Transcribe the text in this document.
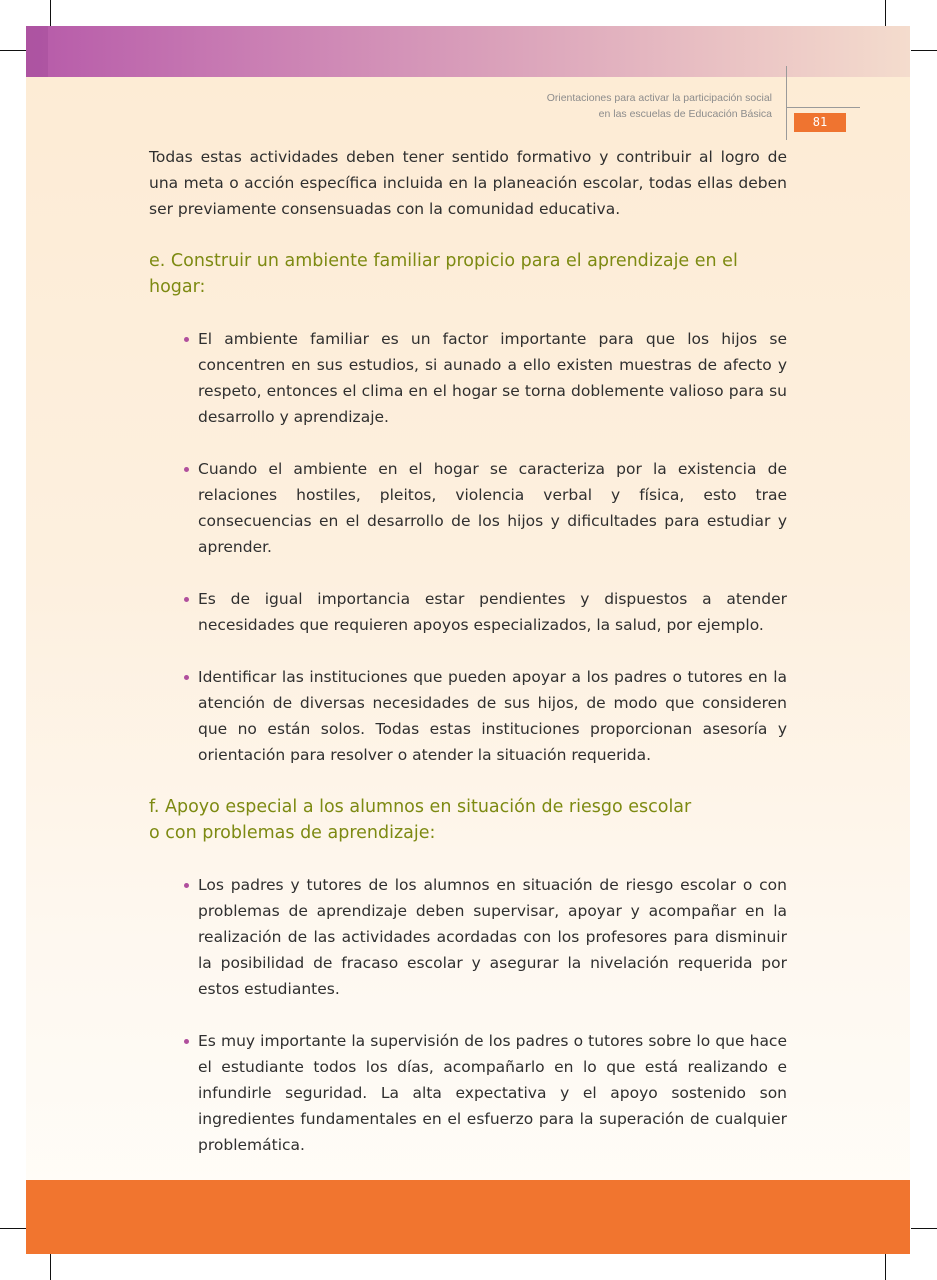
Orientaciones para activar la participación social
en las escuelas de Educación Básica
81

Todas estas actividades deben tener sentido formativo y contribuir al logro de una meta o acción específica incluida en la planeación escolar, todas ellas deben ser previamente consensuadas con la comunidad educativa.

e. Construir un ambiente familiar propicio para el aprendizaje en el hogar:
El ambiente familiar es un factor importante para que los hijos se concentren en sus estudios, si aunado a ello existen muestras de afecto y respeto, entonces el clima en el hogar se torna doblemente valioso para su desarrollo y aprendizaje.
Cuando el ambiente en el hogar se caracteriza por la existencia de relaciones hostiles, pleitos, violencia verbal y física, esto trae consecuencias en el desarrollo de los hijos y dificultades para estudiar y aprender.
Es de igual importancia estar pendientes y dispuestos a atender necesidades que requieren apoyos especializados, la salud, por ejemplo.
Identificar las instituciones que pueden apoyar a los padres o tutores en la atención de diversas necesidades de sus hijos, de modo que consideren que no están solos. Todas estas instituciones proporcionan asesoría y orientación para resolver o atender la situación requerida.
f. Apoyo especial a los alumnos en situación de riesgo escolar
o con problemas de aprendizaje:
Los padres y tutores de los alumnos en situación de riesgo escolar o con problemas de aprendizaje deben supervisar, apoyar y acompañar en la realización de las actividades acordadas con los profesores para disminuir la posibilidad de fracaso escolar y asegurar la nivelación requerida por estos estudiantes.
Es muy importante la supervisión de los padres o tutores sobre lo que hace el estudiante todos los días, acompañarlo en lo que está realizando e infundirle seguridad. La alta expectativa y el apoyo sostenido son ingredientes fundamentales en el esfuerzo para la superación de cualquier problemática.
